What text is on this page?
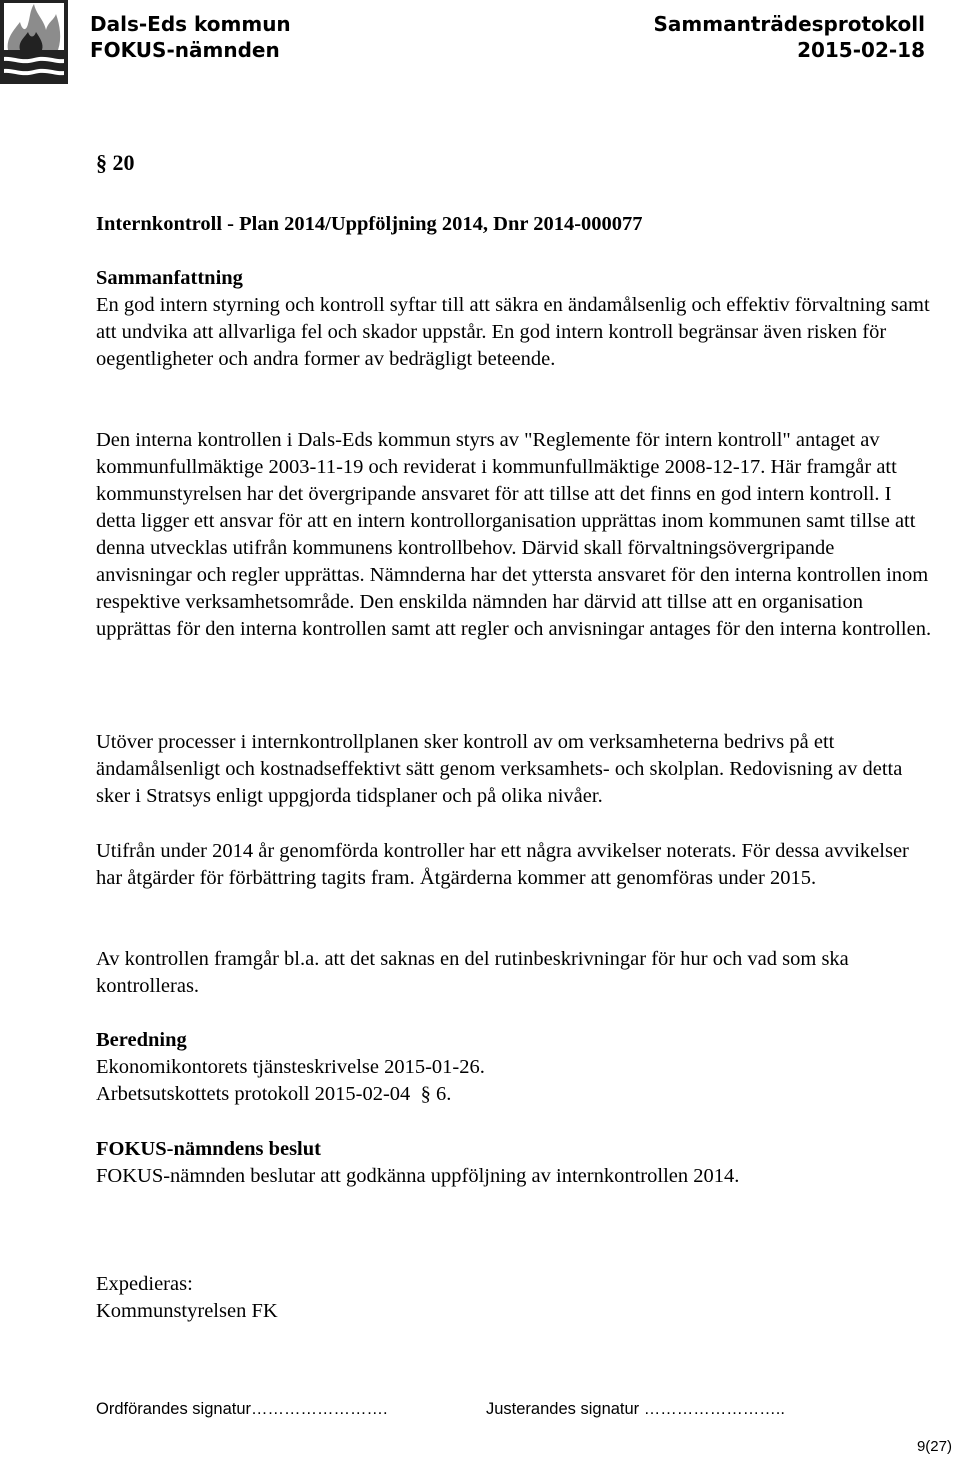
Dals-Eds kommun
FOKUS-nämnden
Sammanträdesprotokoll
2015-02-18
§ 20
Internkontroll - Plan 2014/Uppföljning 2014, Dnr 2014-000077

Sammanfattning

En god intern styrning och kontroll syftar till att säkra en ändamålsenlig och effektiv förvaltning samt att undvika att allvarliga fel och skador uppstår. En god intern kontroll begränsar även risken för oegentligheter och andra former av bedrägligt beteende.

Den interna kontrollen i Dals-Eds kommun styrs av "Reglemente för intern kontroll" antaget av kommunfullmäktige 2003-11-19 och reviderat i kommunfullmäktige 2008-12-17. Här framgår att kommunstyrelsen har det övergripande ansvaret för att tillse att det finns en god intern kontroll. I detta ligger ett ansvar för att en intern kontrollorganisation upprättas inom kommunen samt tillse att denna utvecklas utifrån kommunens kontrollbehov. Därvid skall förvaltningsövergripande anvisningar och regler upprättas. Nämnderna har det yttersta ansvaret för den interna kontrollen inom respektive verksamhetsområde. Den enskilda nämnden har därvid att tillse att en organisation upprättas för den interna kontrollen samt att regler och anvisningar antages för den interna kontrollen.

Utöver processer i internkontrollplanen sker kontroll av om verksamheterna bedrivs på ett ändamålsenligt och kostnadseffektivt sätt genom verksamhets- och skolplan. Redovisning av detta sker i Stratsys enligt uppgjorda tidsplaner och på olika nivåer.

Utifrån under 2014 år genomförda kontroller har ett några avvikelser noterats. För dessa avvikelser har åtgärder för förbättring tagits fram. Åtgärderna kommer att genomföras under 2015.

Av kontrollen framgår bl.a. att det saknas en del rutinbeskrivningar för hur och vad som ska kontrolleras.

Beredning

Ekonomikontorets tjänsteskrivelse 2015-01-26.

Arbetsutskottets protokoll 2015-02-04 § 6.

FOKUS-nämndens beslut

FOKUS-nämnden beslutar att godkänna uppföljning av internkontrollen 2014.

Expedieras:

Kommunstyrelsen FK

Ordförandes signatur…………………….	Justerandes signatur ……………………..
9(27)
